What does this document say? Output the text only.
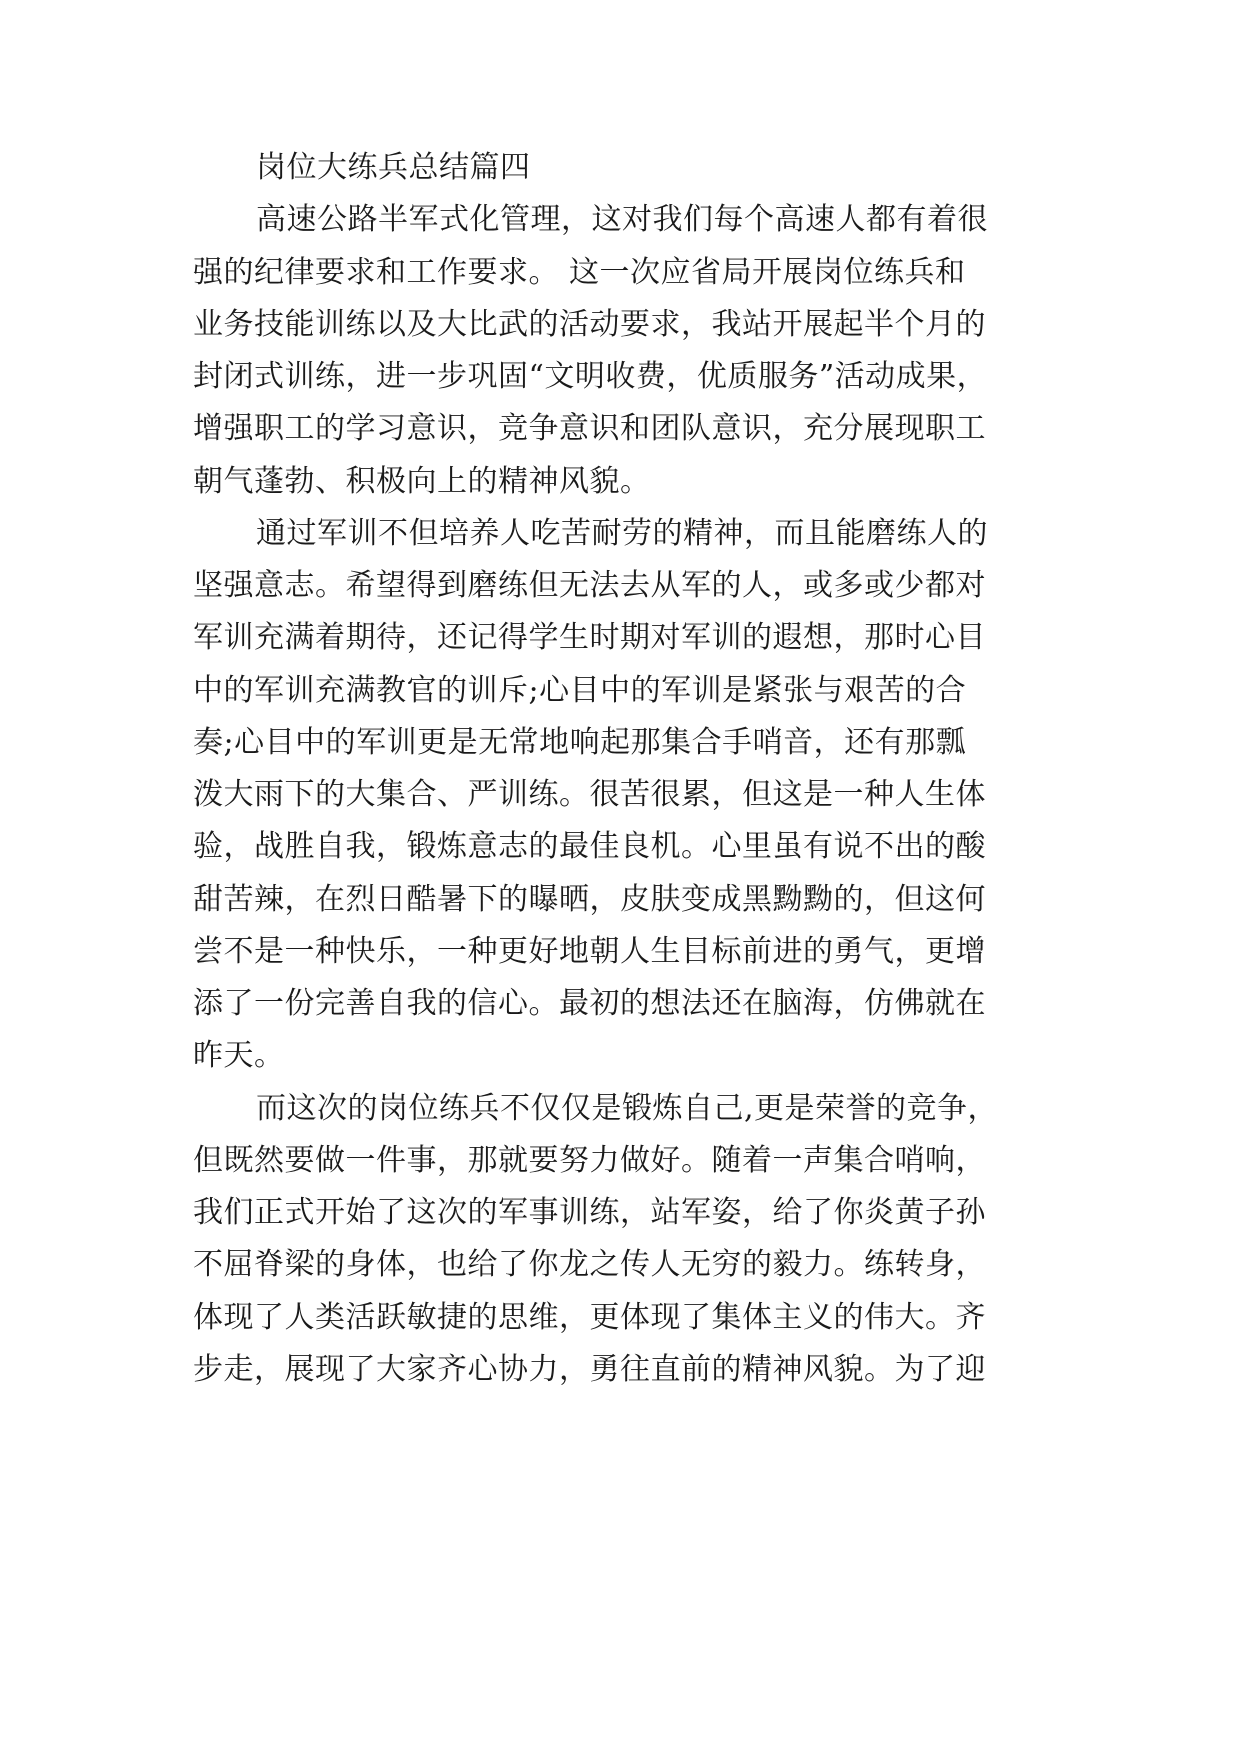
岗位大练兵总结篇四

高速公路半军式化管理，这对我们每个高速人都有着很

强的纪律要求和工作要求。 这一次应省局开展岗位练兵和

业务技能训练以及大比武的活动要求，我站开展起半个月的

封闭式训练，进一步巩固“文明收费，优质服务”活动成果，

增强职工的学习意识，竞争意识和团队意识，充分展现职工

朝气蓬勃、积极向上的精神风貌。

通过军训不但培养人吃苦耐劳的精神，而且能磨练人的

坚强意志。希望得到磨练但无法去从军的人，或多或少都对

军训充满着期待，还记得学生时期对军训的遐想，那时心目

中的军训充满教官的训斥;心目中的军训是紧张与艰苦的合

奏;心目中的军训更是无常地响起那集合手哨音，还有那瓢

泼大雨下的大集合、严训练。很苦很累，但这是一种人生体

验，战胜自我，锻炼意志的最佳良机。心里虽有说不出的酸

甜苦辣，在烈日酷暑下的曝晒，皮肤变成黑黝黝的，但这何

尝不是一种快乐，一种更好地朝人生目标前进的勇气，更增

添了一份完善自我的信心。最初的想法还在脑海，仿佛就在

昨天。

而这次的岗位练兵不仅仅是锻炼自己,更是荣誉的竞争，

但既然要做一件事，那就要努力做好。随着一声集合哨响，

我们正式开始了这次的军事训练，站军姿，给了你炎黄子孙

不屈脊梁的身体，也给了你龙之传人无穷的毅力。练转身，

体现了人类活跃敏捷的思维，更体现了集体主义的伟大。齐

步走，展现了大家齐心协力，勇往直前的精神风貌。为了迎
